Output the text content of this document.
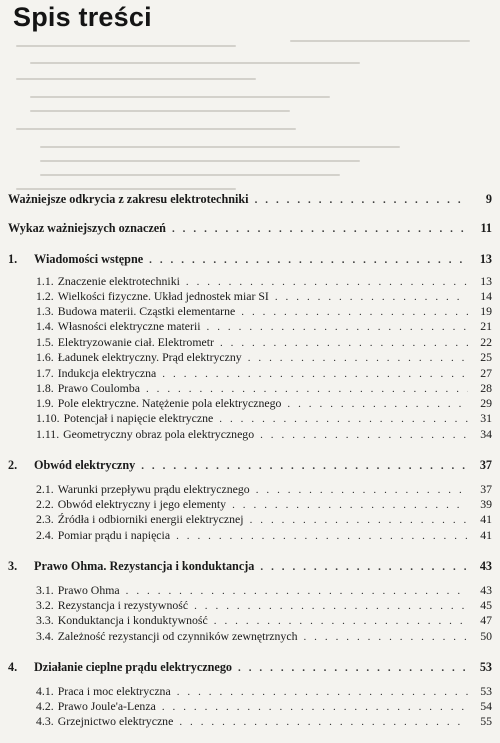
Spis treści
Ważniejsze odkrycia z zakresu elektrotechniki . . .	9
Wykaz ważniejszych oznaczeń . . .	11
1.	Wiadomości wstępne . . .	13
1.1. Znaczenie elektrotechniki . . .	13
1.2. Wielkości fizyczne. Układ jednostek miar SI . . .	14
1.3. Budowa materii. Cząstki elementarne . . .	19
1.4. Własności elektryczne materii . . .	21
1.5. Elektryzowanie ciał. Elektrometr . . .	22
1.6. Ładunek elektryczny. Prąd elektryczny . . .	25
1.7. Indukcja elektryczna . . .	27
1.8. Prawo Coulomba . . .	28
1.9. Pole elektryczne. Natężenie pola elektrycznego . . .	29
1.10. Potencjał i napięcie elektryczne . . .	31
1.11. Geometryczny obraz pola elektrycznego . . .	34
2.	Obwód elektryczny . . .	37
2.1. Warunki przepływu prądu elektrycznego . . .	37
2.2. Obwód elektryczny i jego elementy . . .	39
2.3. Źródła i odbiorniki energii elektrycznej . . .	41
2.4. Pomiar prądu i napięcia . . .	41
3.	Prawo Ohma. Rezystancja i konduktancja . . .	43
3.1. Prawo Ohma . . .	43
3.2. Rezystancja i rezystywność . . .	45
3.3. Konduktancja i konduktywność . . .	47
3.4. Zależność rezystancji od czynników zewnętrznych . . .	50
4.	Działanie cieplne prądu elektrycznego . . .	53
4.1. Praca i moc elektryczna . . .	53
4.2. Prawo Joule'a-Lenza . . .	54
4.3. Grzejnictwo elektryczne . . .	55
